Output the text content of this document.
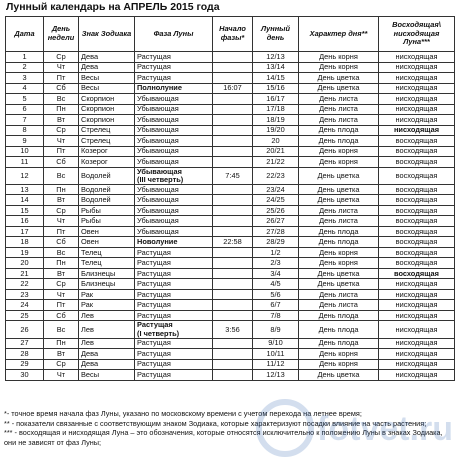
Лунный календарь на АПРЕЛЬ 2015 года
Дата	День недели	Знак Зодиака	Фаза Луны	Начало фазы*	Лунный день	Характер дня**	Восходящая\ нисходящая Луна***
1	Ср	Дева	Растущая		12/13	День корня	нисходящая
2	Чт	Дева	Растущая		13/14	День корня	нисходящая
3	Пт	Весы	Растущая		14/15	День цветка	нисходящая
4	Сб	Весы	Полнолуние	16:07	15/16	День цветка	нисходящая
5	Вс	Скорпион	Убывающая		16/17	День листа	нисходящая
6	Пн	Скорпион	Убывающая		17/18	День листа	нисходящая
7	Вт	Скорпион	Убывающая		18/19	День листа	нисходящая
8	Ср	Стрелец	Убывающая		19/20	День плода	нисходящая
9	Чт	Стрелец	Убывающая		20	День плода	восходящая
10	Пт	Козерог	Убывающая		20/21	День корня	восходящая
11	Сб	Козерог	Убывающая		21/22	День корня	восходящая
12	Вс	Водолей	Убывающая
(III четверть)	7:45	22/23	День цветка	восходящая
13	Пн	Водолей	Убывающая		23/24	День цветка	восходящая
14	Вт	Водолей	Убывающая		24/25	День цветка	восходящая
15	Ср	Рыбы	Убывающая		25/26	День листа	восходящая
16	Чт	Рыбы	Убывающая		26/27	День листа	восходящая
17	Пт	Овен	Убывающая		27/28	День плода	восходящая
18	Сб	Овен	Новолуние	22:58	28/29	День плода	восходящая
19	Вс	Телец	Растущая		1/2	День корня	восходящая
20	Пн	Телец	Растущая		2/3	День корня	восходящая
21	Вт	Близнецы	Растущая		3/4	День цветка	восходящая
22	Ср	Близнецы	Растущая		4/5	День цветка	нисходящая
23	Чт	Рак	Растущая		5/6	День листа	нисходящая
24	Пт	Рак	Растущая		6/7	День листа	нисходящая
25	Сб	Лев	Растущая		7/8	День плода	нисходящая
26	Вс	Лев	Растущая
(I четверть)	3:56	8/9	День плода	нисходящая
27	Пн	Лев	Растущая		9/10	День плода	нисходящая
28	Вт	Дева	Растущая		10/11	День корня	нисходящая
29	Ср	Дева	Растущая		11/12	День корня	нисходящая
30	Чт	Весы	Растущая		12/13	День цветка	нисходящая

*- точное время начала фаз Луны, указано по московскому времени с учетом перехода на летнее время;

** - показатели связанные с соответствующим знаком Зодиака, которые характеризуют посадки влияние на часть растения;

*** - восходящая и нисходящая Луна – это обозначения, которые относятся исключительно к положению Луны в знаках Зодиака, они не зависят от фаз Луны;	fotvet.ru
